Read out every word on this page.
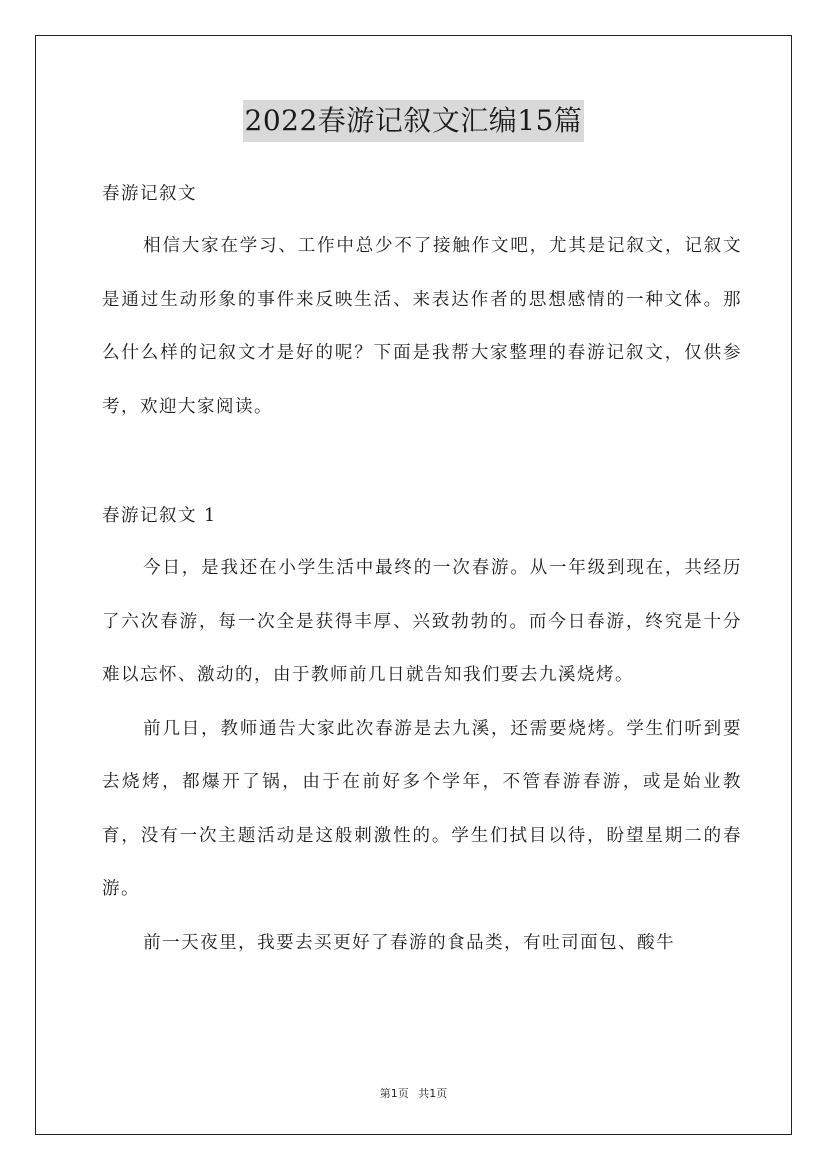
2022春游记叙文汇编15篇
春游记叙文

相信大家在学习、工作中总少不了接触作文吧，尤其是记叙文，记叙文是通过生动形象的事件来反映生活、来表达作者的思想感情的一种文体。那么什么样的记叙文才是好的呢？下面是我帮大家整理的春游记叙文，仅供参考，欢迎大家阅读。

春游记叙文 1

今日，是我还在小学生活中最终的一次春游。从一年级到现在，共经历了六次春游，每一次全是获得丰厚、兴致勃勃的。而今日春游，终究是十分难以忘怀、激动的，由于教师前几日就告知我们要去九溪烧烤。

前几日，教师通告大家此次春游是去九溪，还需要烧烤。学生们听到要去烧烤，都爆开了锅，由于在前好多个学年，不管春游春游，或是始业教育，没有一次主题活动是这般刺激性的。学生们拭目以待，盼望星期二的春游。

前一天夜里，我要去买更好了春游的食品类，有吐司面包、酸牛

第1页 共1页
